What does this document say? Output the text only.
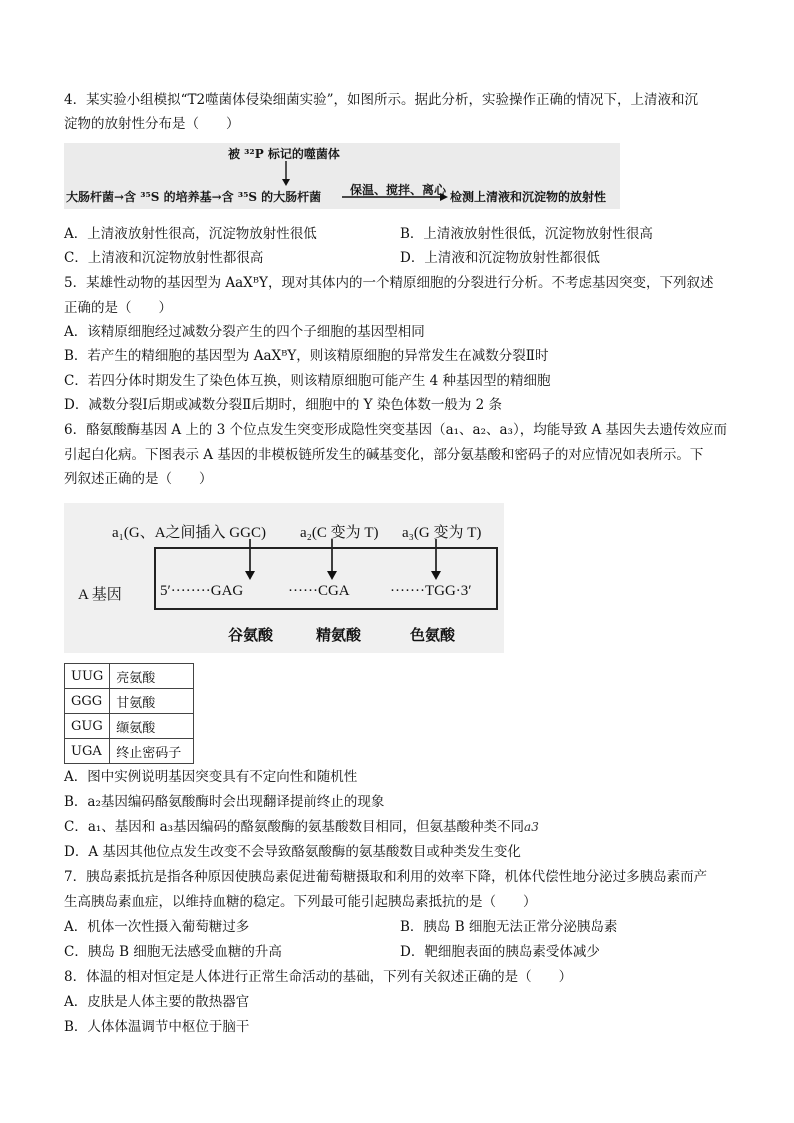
4．某实验小组模拟“T2噬菌体侵染细菌实验”，如图所示。据此分析，实验操作正确的情况下，上清液和沉
淀物的放射性分布是（　　）
被 ³²P 标记的噬菌体
大肠杆菌→含 ³⁵S 的培养基→含 ³⁵S 的大肠杆菌 保温、搅拌、离心 检测上清液和沉淀物的放射性
A．上清液放射性很高，沉淀物放射性很低	B．上清液放射性很低，沉淀物放射性很高
C．上清液和沉淀物放射性都很高	D．上清液和沉淀物放射性都很低
5．某雄性动物的基因型为 AaXᴮY，现对其体内的一个精原细胞的分裂进行分析。不考虑基因突变，下列叙述
正确的是（　　）
A．该精原细胞经过减数分裂产生的四个子细胞的基因型相同
B．若产生的精细胞的基因型为 AaXᴮY，则该精原细胞的异常发生在减数分裂Ⅱ时
C．若四分体时期发生了染色体互换，则该精原细胞可能产生 4 种基因型的精细胞
D．减数分裂Ⅰ后期或减数分裂Ⅱ后期时，细胞中的 Y 染色体数一般为 2 条
6．酪氨酸酶基因 A 上的 3 个位点发生突变形成隐性突变基因（a₁、a₂、a₃），均能导致 A 基因失去遗传效应而
引起白化病。下图表示 A 基因的非模板链所发生的碱基变化，部分氨基酸和密码子的对应情况如表所示。下
列叙述正确的是（　　）
a₁(G、A之间插入 GGC) a₂(C 变为 T) a₃(G 变为 T)
A 基因	5′········GAG	······CGA	·······TGG·3′
谷氨酸	精氨酸	色氨酸
UUG	亮氨酸
GGG	甘氨酸
GUG	缬氨酸
UGA	终止密码子
A．图中实例说明基因突变具有不定向性和随机性
B．a₂基因编码酪氨酸酶时会出现翻译提前终止的现象
C．a₁、基因和 a₃基因编码的酪氨酸酶的氨基酸数目相同，但氨基酸种类不同a3
D．A 基因其他位点发生改变不会导致酪氨酸酶的氨基酸数目或种类发生变化
7．胰岛素抵抗是指各种原因使胰岛素促进葡萄糖摄取和利用的效率下降，机体代偿性地分泌过多胰岛素而产
生高胰岛素血症，以维持血糖的稳定。下列最可能引起胰岛素抵抗的是（　　）
A．机体一次性摄入葡萄糖过多	B．胰岛 B 细胞无法正常分泌胰岛素
C．胰岛 B 细胞无法感受血糖的升高	D．靶细胞表面的胰岛素受体减少
8．体温的相对恒定是人体进行正常生命活动的基础，下列有关叙述正确的是（　　）
A．皮肤是人体主要的散热器官
B．人体体温调节中枢位于脑干
